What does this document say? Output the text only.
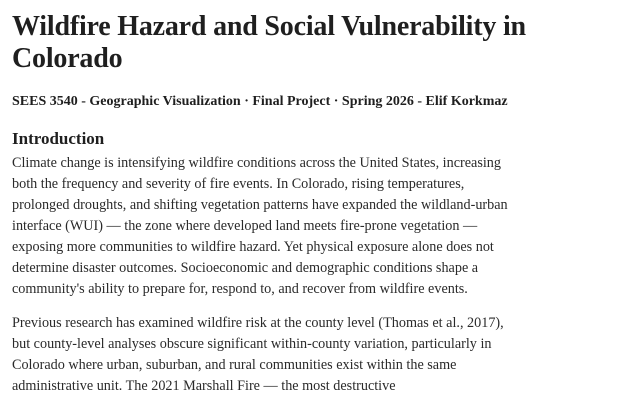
Wildfire Hazard and Social Vulnerability in Colorado

SEES 3540 - Geographic Visualization · Final Project · Spring 2026 - Elif Korkmaz

Introduction

Climate change is intensifying wildfire conditions across the United States, increasing both the frequency and severity of fire events. In Colorado, rising temperatures, prolonged droughts, and shifting vegetation patterns have expanded the wildland-urban interface (WUI) — the zone where developed land meets fire-prone vegetation — exposing more communities to wildfire hazard. Yet physical exposure alone does not determine disaster outcomes. Socioeconomic and demographic conditions shape a community's ability to prepare for, respond to, and recover from wildfire events.

Previous research has examined wildfire risk at the county level (Thomas et al., 2017), but county-level analyses obscure significant within-county variation, particularly in Colorado where urban, suburban, and rural communities exist within the same administrative unit. The 2021 Marshall Fire — the most destructive
